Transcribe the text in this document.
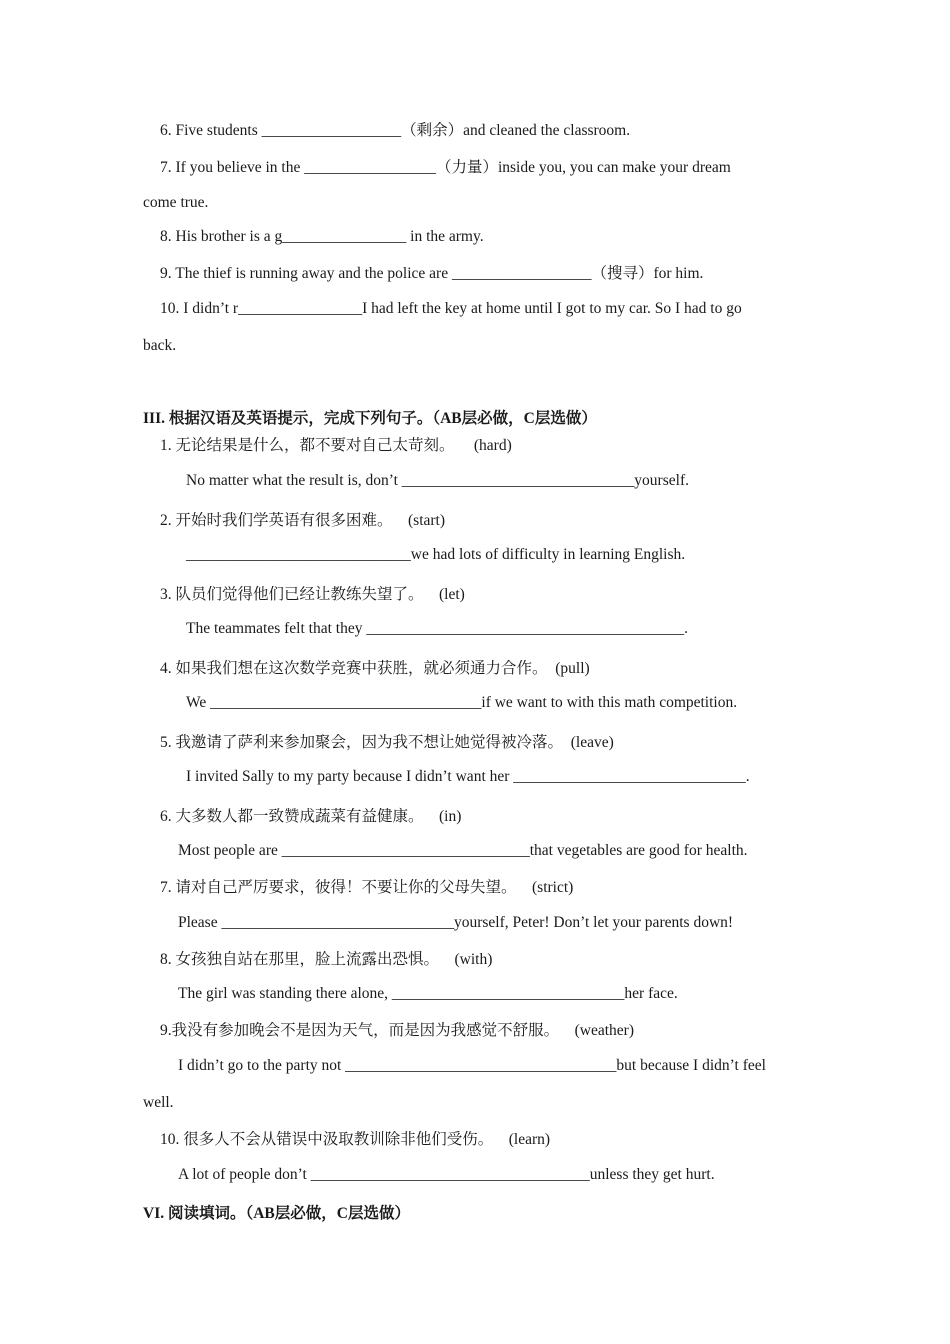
6. Five students __________________（剩余）and cleaned the classroom.
7. If you believe in the _________________（力量）inside you, you can make your dream
come true.
8. His brother is a g________________ in the army.
9. The thief is running away and the police are __________________（搜寻）for him.
10. I didn’t r________________I had left the key at home until I got to my car. So I had to go
back.
III. 根据汉语及英语提示，完成下列句子。（AB层必做，C层选做）
1. 无论结果是什么，都不要对自己太苛刻。     (hard)
No matter what the result is, don’t ______________________________yourself.
2. 开始时我们学英语有很多困难。    (start)
_____________________________we had lots of difficulty in learning English.
3. 队员们觉得他们已经让教练失望了。    (let)
The teammates felt that they _________________________________________.
4. 如果我们想在这次数学竞赛中获胜，就必须通力合作。  (pull)
We ___________________________________if we want to with this math competition.
5. 我邀请了萨利来参加聚会，因为我不想让她觉得被冷落。  (leave)
I invited Sally to my party because I didn’t want her ______________________________.
6. 大多数人都一致赞成蔬菜有益健康。    (in)
Most people are ________________________________that vegetables are good for health.
7. 请对自己严厉要求，彼得！不要让你的父母失望。    (strict)
Please ______________________________yourself, Peter! Don’t let your parents down!
8. 女孩独自站在那里，脸上流露出恐惧。    (with)
The girl was standing there alone, ______________________________her face.
9.我没有参加晚会不是因为天气，而是因为我感觉不舒服。    (weather)
I didn’t go to the party not ___________________________________but because I didn’t feel
well.
10. 很多人不会从错误中汲取教训除非他们受伤。    (learn)
A lot of people don’t ____________________________________unless they get hurt.
VI. 阅读填词。（AB层必做，C层选做）
